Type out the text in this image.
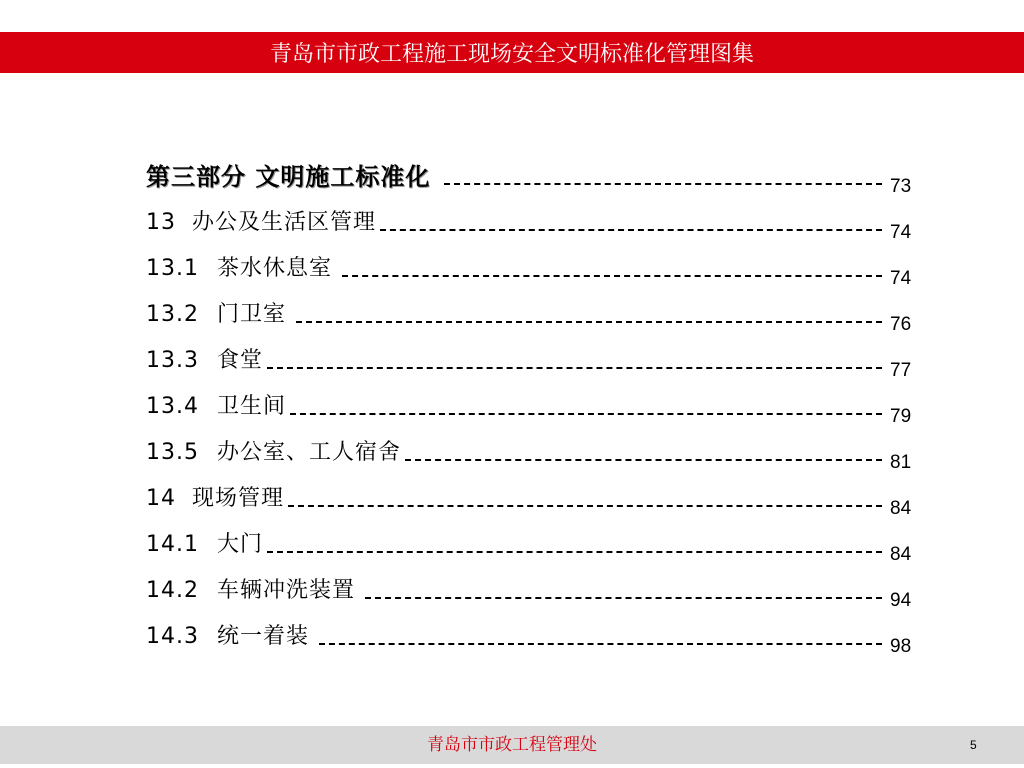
青岛市市政工程施工现场安全文明标准化管理图集
第三部分 文明施工标准化	73
13 办公及生活区管理	74
13.1 茶水休息室	74
13.2 门卫室	76
13.3 食堂	77
13.4 卫生间	79
13.5 办公室、工人宿舍	81
14 现场管理	84
14.1 大门	84
14.2 车辆冲洗装置	94
14.3 统一着装	98
青岛市市政工程管理处	5
